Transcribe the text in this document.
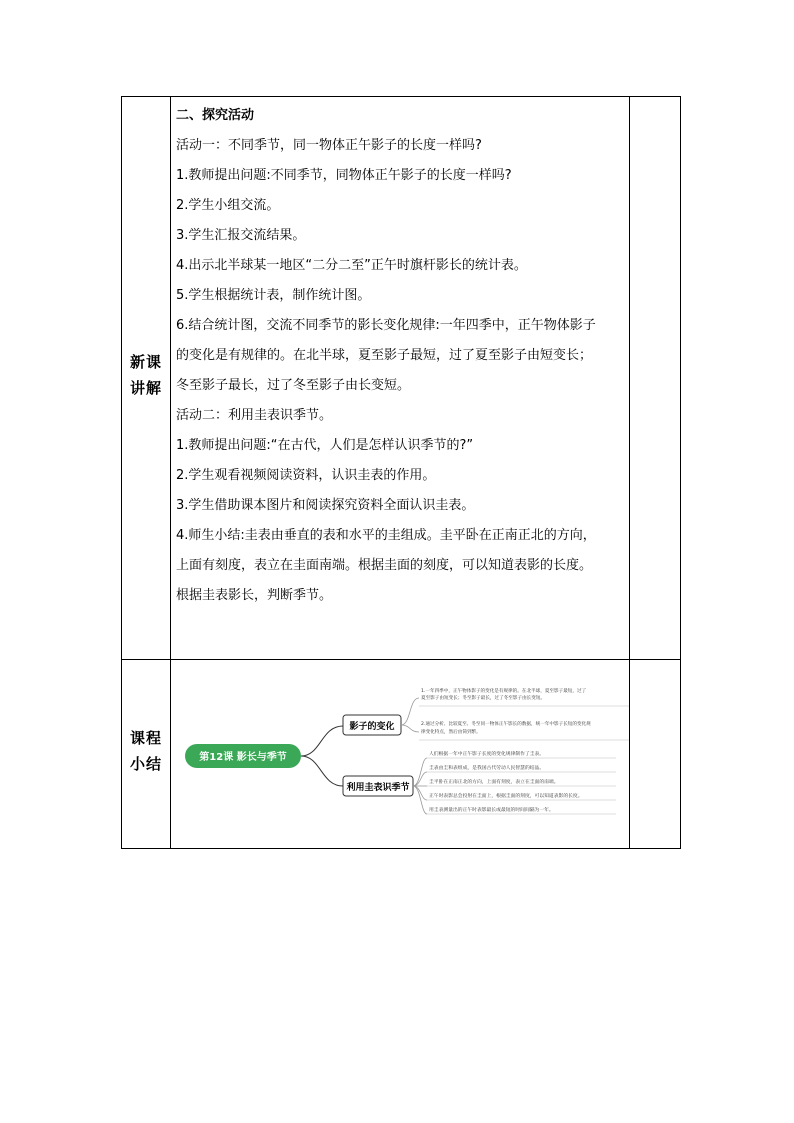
新课
讲解

二、探究活动

活动一：不同季节，同一物体正午影子的长度一样吗?

1.教师提出问题:不同季节，同物体正午影子的长度一样吗?

2.学生小组交流。

3.学生汇报交流结果。

4.出示北半球某一地区“二分二至”正午时旗杆影长的统计表。

5.学生根据统计表，制作统计图。

6.结合统计图，交流不同季节的影长变化规律:一年四季中，正午物体影子

的变化是有规律的。在北半球，夏至影子最短，过了夏至影子由短变长；

冬至影子最长，过了冬至影子由长变短。

活动二：利用圭表识季节。

1.教师提出问题:“在古代，人们是怎样认识季节的?”

2.学生观看视频阅读资料，认识圭表的作用。

3.学生借助课本图片和阅读探究资料全面认识圭表。

4.师生小结:圭表由垂直的表和水平的圭组成。圭平卧在正南正北的方向，

上面有刻度，表立在圭面南端。根据圭面的刻度，可以知道表影的长度。

根据圭表影长，判断季节。

课程
小结	第12课 影长与季节
影子的变化
1.一年四季中，正午物体影子的变化是有规律的。在北半球，夏至影子最短，过了
夏至影子由短变长；冬至影子最长，过了冬至影子由长变短。
2.通过分析、比较夏至、冬至同一物体正午影长的数据，统一年中影子长短的变化规
律变化特点，然后由简到繁。
利用圭表识季节
人们根据一年中正午影子长度的变化规律制作了圭表。
圭表由圭和表组成，是我国古代劳动人民智慧的结晶。
圭平卧在正南正北的方向，上面有刻度，表立在圭面的南端。
正午时表影总会投射在圭面上，根据圭面的刻度，可以知道表影的长度。
用圭表测量出的正午时表影最长或最短的时间间隔为一年。
